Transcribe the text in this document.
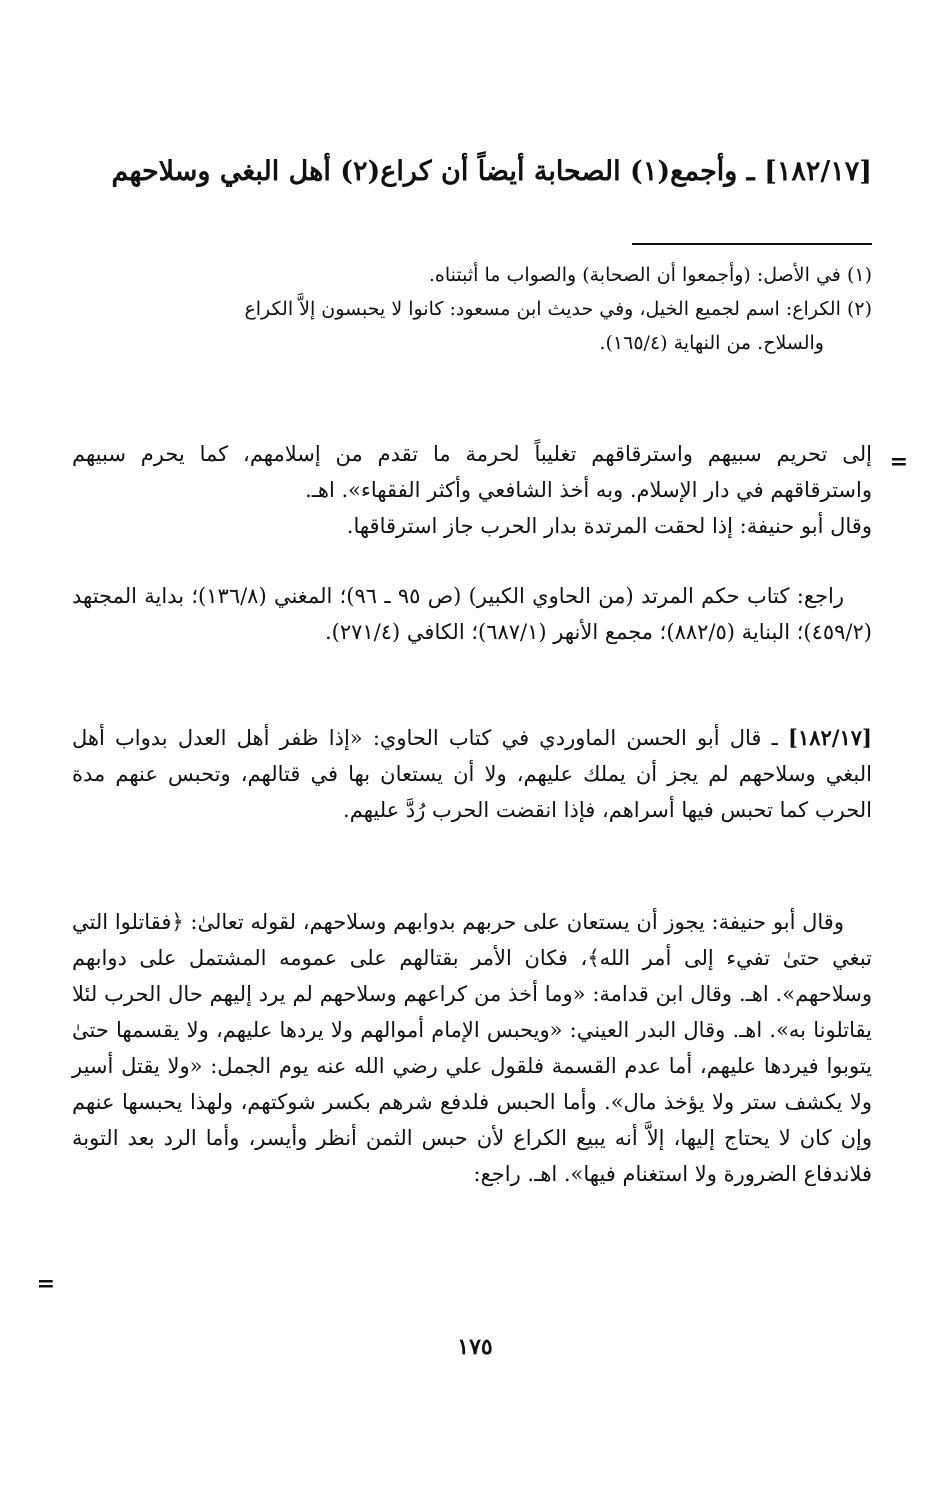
[١٨٢/١٧] ـ وأجمع(١) الصحابة أيضاً أن كراع(٢) أهل البغي وسلاحهم

(١) في الأصل: (وأجمعوا أن الصحابة) والصواب ما أثبتناه.

(٢) الكراع: اسم لجميع الخيل، وفي حديث ابن مسعود: كانوا لا يحبسون إلاَّ الكراع

والسلاح. من النهاية (١٦٥/٤).

=

إلى تحريم سبيهم واسترقاقهم تغليباً لحرمة ما تقدم من إسلامهم، كما يحرم سبيهم واسترقاقهم في دار الإسلام. وبه أخذ الشافعي وأكثر الفقهاء». اهـ.

وقال أبو حنيفة: إذا لحقت المرتدة بدار الحرب جاز استرقاقها.

راجع: كتاب حكم المرتد (من الحاوي الكبير) (ص ٩٥ ـ ٩٦)؛ المغني (١٣٦/٨)؛ بداية المجتهد (٤٥٩/٢)؛ البناية (٨٨٢/٥)؛ مجمع الأنهر (٦٨٧/١)؛ الكافي (٢٧١/٤).

[١٨٢/١٧] ـ قال أبو الحسن الماوردي في كتاب الحاوي: «إذا ظفر أهل العدل بدواب أهل البغي وسلاحهم لم يجز أن يملك عليهم، ولا أن يستعان بها في قتالهم، وتحبس عنهم مدة الحرب كما تحبس فيها أسراهم، فإذا انقضت الحرب رُدَّ عليهم.

وقال أبو حنيفة: يجوز أن يستعان على حربهم بدوابهم وسلاحهم، لقوله تعالىٰ: ﴿فقاتلوا التي تبغي حتىٰ تفيء إلى أمر الله﴾، فكان الأمر بقتالهم على عمومه المشتمل على دوابهم وسلاحهم». اهـ. وقال ابن قدامة: «وما أخذ من كراعهم وسلاحهم لم يرد إليهم حال الحرب لئلا يقاتلونا به». اهـ. وقال البدر العيني: «ويحبس الإمام أموالهم ولا يردها عليهم، ولا يقسمها حتىٰ يتوبوا فيردها عليهم، أما عدم القسمة فلقول علي رضي الله عنه يوم الجمل: «ولا يقتل أسير ولا يكشف ستر ولا يؤخذ مال». وأما الحبس فلدفع شرهم بكسر شوكتهم، ولهذا يحبسها عنهم وإن كان لا يحتاج إليها، إلاَّ أنه يبيع الكراع لأن حبس الثمن أنظر وأيسر، وأما الرد بعد التوبة فلاندفاع الضرورة ولا استغنام فيها». اهـ. راجع:

=
١٧٥
